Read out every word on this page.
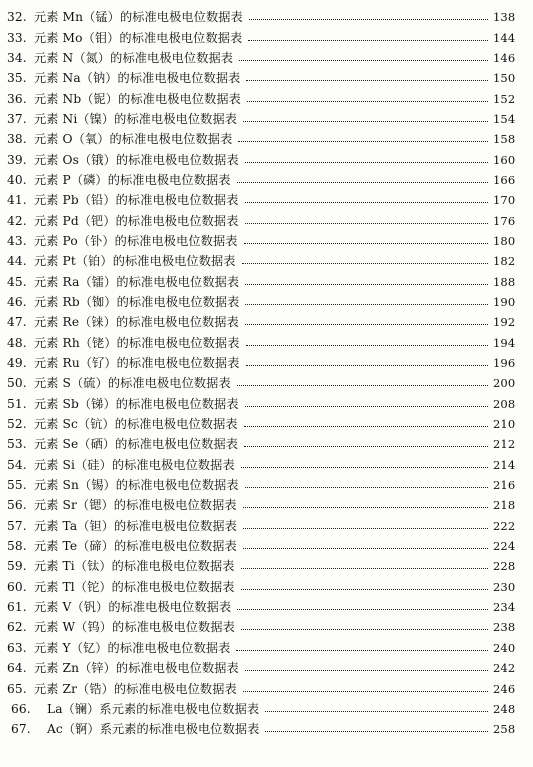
32. 元素 Mn（锰）的标准电极电位数据表	138
33. 元素 Mo（钼）的标准电极电位数据表	144
34. 元素 N（氮）的标准电极电位数据表	146
35. 元素 Na（钠）的标准电极电位数据表	150
36. 元素 Nb（铌）的标准电极电位数据表	152
37. 元素 Ni（镍）的标准电极电位数据表	154
38. 元素 O（氧）的标准电极电位数据表	158
39. 元素 Os（锇）的标准电极电位数据表	160
40. 元素 P（磷）的标准电极电位数据表	166
41. 元素 Pb（铅）的标准电极电位数据表	170
42. 元素 Pd（钯）的标准电极电位数据表	176
43. 元素 Po（钋）的标准电极电位数据表	180
44. 元素 Pt（铂）的标准电极电位数据表	182
45. 元素 Ra（镭）的标准电极电位数据表	188
46. 元素 Rb（铷）的标准电极电位数据表	190
47. 元素 Re（铼）的标准电极电位数据表	192
48. 元素 Rh（铑）的标准电极电位数据表	194
49. 元素 Ru（钌）的标准电极电位数据表	196
50. 元素 S（硫）的标准电极电位数据表	200
51. 元素 Sb（锑）的标准电极电位数据表	208
52. 元素 Sc（钪）的标准电极电位数据表	210
53. 元素 Se（硒）的标准电极电位数据表	212
54. 元素 Si（硅）的标准电极电位数据表	214
55. 元素 Sn（锡）的标准电极电位数据表	216
56. 元素 Sr（锶）的标准电极电位数据表	218
57. 元素 Ta（钽）的标准电极电位数据表	222
58. 元素 Te（碲）的标准电极电位数据表	224
59. 元素 Ti（钛）的标准电极电位数据表	228
60. 元素 Tl（铊）的标准电极电位数据表	230
61. 元素 V（钒）的标准电极电位数据表	234
62. 元素 W（钨）的标准电极电位数据表	238
63. 元素 Y（钇）的标准电极电位数据表	240
64. 元素 Zn（锌）的标准电极电位数据表	242
65. 元素 Zr（锆）的标准电极电位数据表	246
66.	La（镧）系元素的标准电极电位数据表	248
67.	Ac（锕）系元素的标准电极电位数据表	258
